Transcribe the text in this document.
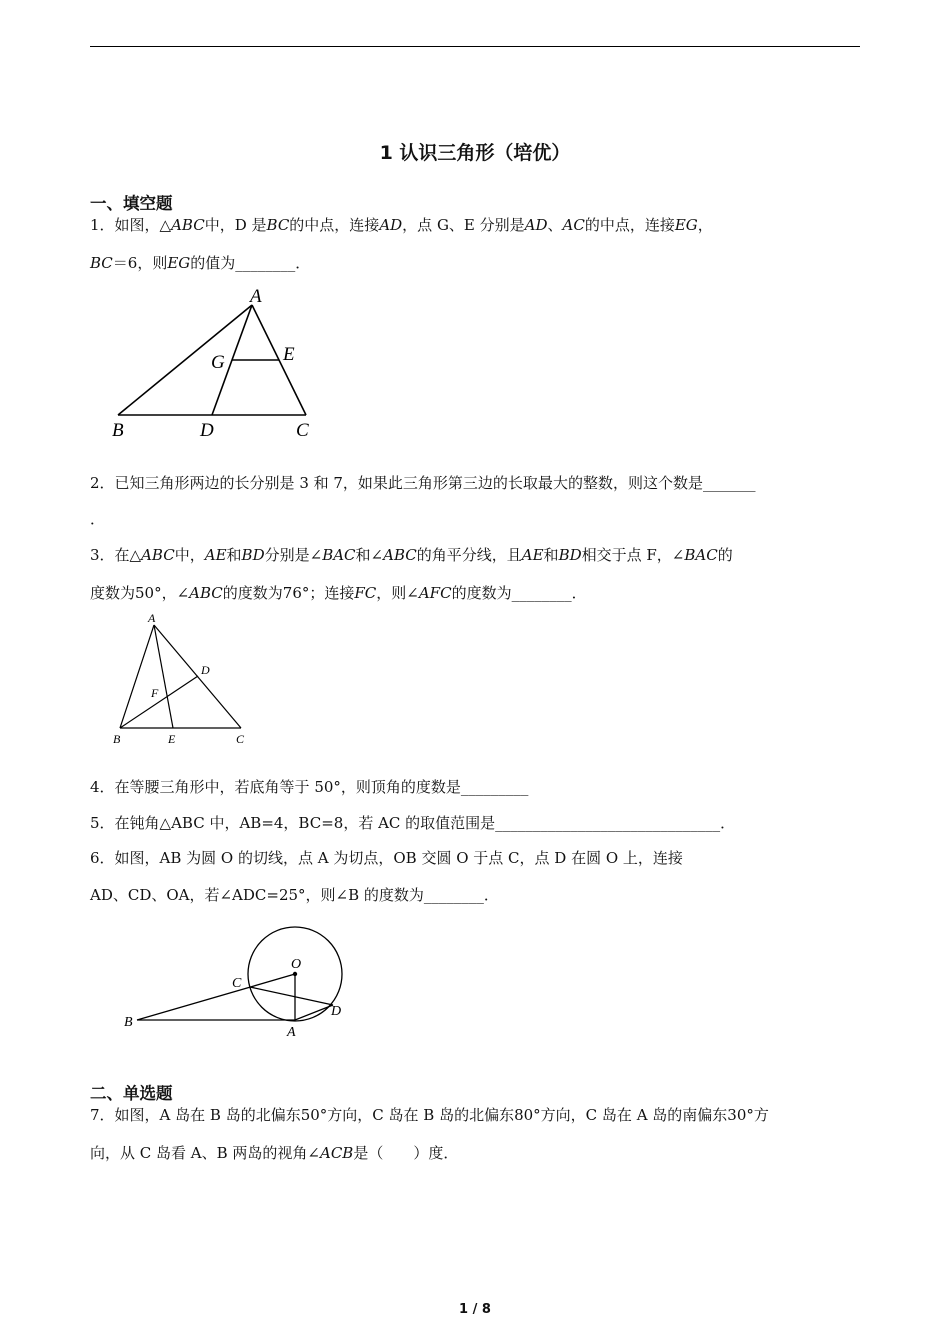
1 认识三角形（培优）
一、填空题
1．如图，△ABC中，D 是BC的中点，连接AD，点 G、E 分别是AD、AC的中点，连接EG，
BC＝6，则EG的值为________．
A
B	D	C
G	E
2．已知三角形两边的长分别是 3 和 7，如果此三角形第三边的长取最大的整数，则这个数是_______
．
3．在△ABC中，AE和BD分别是∠BAC和∠ABC的角平分线，且AE和BD相交于点 F，∠BAC的
度数为50°，∠ABC的度数为76°；连接FC，则∠AFC的度数为________．
A
D
F
B	E	C
4．在等腰三角形中，若底角等于 50°，则顶角的度数是_________
5．在钝角△ABC 中，AB=4，BC=8，若 AC 的取值范围是______________________________．
6．如图，AB 为圆 O 的切线，点 A 为切点，OB 交圆 O 于点 C，点 D 在圆 O 上，连接
AD、CD、OA，若∠ADC=25°，则∠B 的度数为________．
O
C
D
B
A
二、单选题
7．如图，A 岛在 B 岛的北偏东50°方向，C 岛在 B 岛的北偏东80°方向，C 岛在 A 岛的南偏东30°方
向，从 C 岛看 A、B 两岛的视角∠ACB是（　　）度．
1 / 8
